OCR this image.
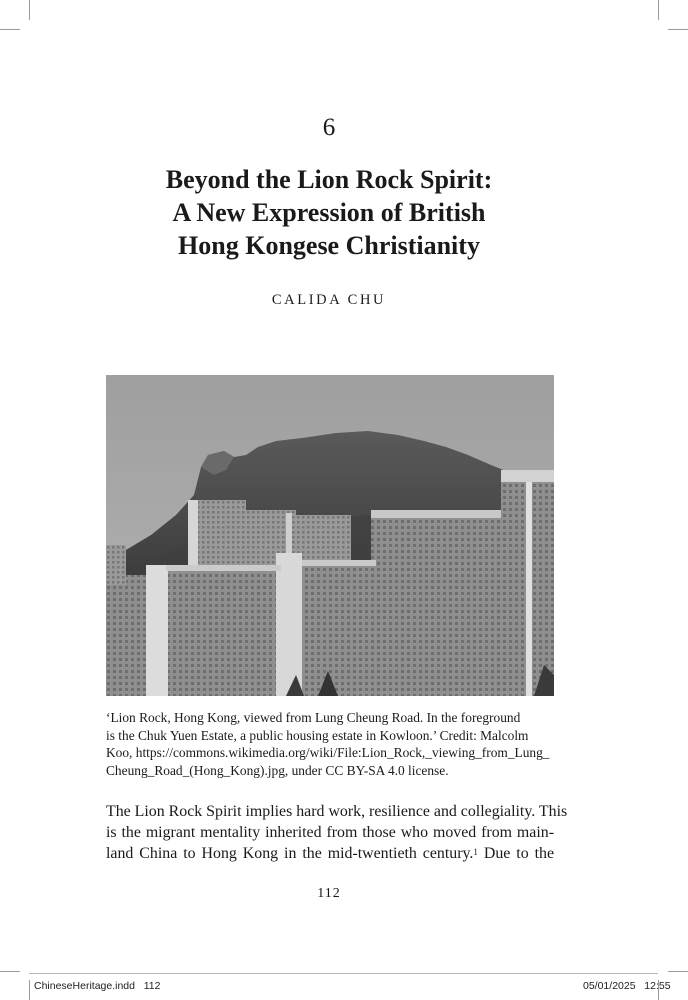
6
Beyond the Lion Rock Spirit:
A New Expression of British
Hong Kongese Christianity
CALIDA CHU
‘Lion Rock, Hong Kong, viewed from Lung Cheung Road. In the foreground
is the Chuk Yuen Estate, a public housing estate in Kowloon.’ Credit: Malcolm
Koo, https://commons.wikimedia.org/wiki/File:Lion_Rock,_viewing_from_Lung_
Cheung_Road_(Hong_Kong).jpg, under CC BY-SA 4.0 license.
The Lion Rock Spirit implies hard work, resilience and collegiality. This
is the migrant mentality inherited from those who moved from main-
land China to Hong Kong in the mid-twentieth century.$^1$ Due to the
112
ChineseHeritage.indd   112	05/01/2025   12:55
